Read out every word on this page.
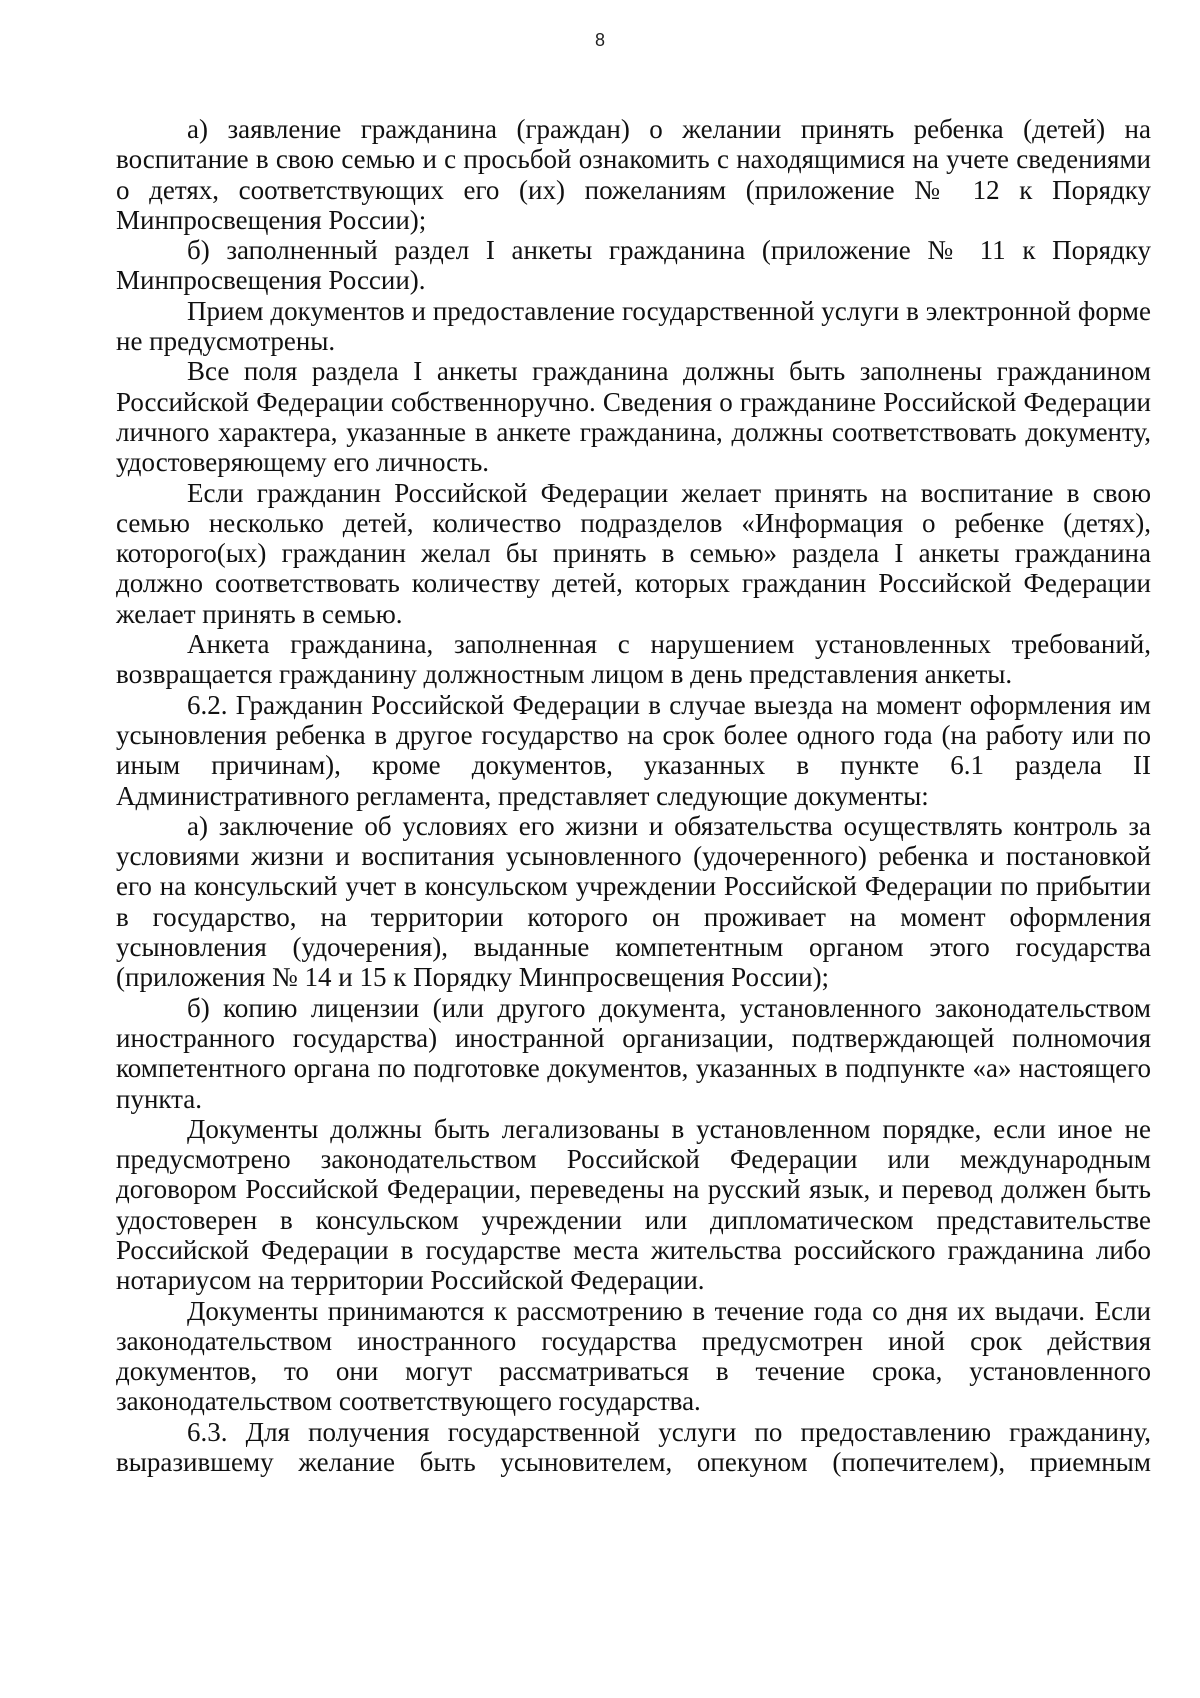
8

а) заявление гражданина (граждан) о желании принять ребенка (детей) на воспитание в свою семью и с просьбой ознакомить с находящимися на учете сведениями о детях, соответствующих его (их) пожеланиям (приложение № 12 к Порядку Минпросвещения России);

б) заполненный раздел I анкеты гражданина (приложение № 11 к Порядку Минпросвещения России).

Прием документов и предоставление государственной услуги в электронной форме не предусмотрены.

Все поля раздела I анкеты гражданина должны быть заполнены гражданином Российской Федерации собственноручно. Сведения о гражданине Российской Федерации личного характера, указанные в анкете гражданина, должны соответствовать документу, удостоверяющему его личность.

Если гражданин Российской Федерации желает принять на воспитание в свою семью несколько детей, количество подразделов «Информация о ребенке (детях), которого(ых) гражданин желал бы принять в семью» раздела I анкеты гражданина должно соответствовать количеству детей, которых гражданин Российской Федерации желает принять в семью.

Анкета гражданина, заполненная с нарушением установленных требований, возвращается гражданину должностным лицом в день представления анкеты.

6.2. Гражданин Российской Федерации в случае выезда на момент оформления им усыновления ребенка в другое государство на срок более одного года (на работу или по иным причинам), кроме документов, указанных в пункте 6.1 раздела II Административного регламента, представляет следующие документы:

а) заключение об условиях его жизни и обязательства осуществлять контроль за условиями жизни и воспитания усыновленного (удочеренного) ребенка и постановкой его на консульский учет в консульском учреждении Российской Федерации по прибытии в государство, на территории которого он проживает на момент оформления усыновления (удочерения), выданные компетентным органом этого государства (приложения № 14 и 15 к Порядку Минпросвещения России);

б) копию лицензии (или другого документа, установленного законодательством иностранного государства) иностранной организации, подтверждающей полномочия компетентного органа по подготовке документов, указанных в подпункте «а» настоящего пункта.

Документы должны быть легализованы в установленном порядке, если иное не предусмотрено законодательством Российской Федерации или международным договором Российской Федерации, переведены на русский язык, и перевод должен быть удостоверен в консульском учреждении или дипломатическом представительстве Российской Федерации в государстве места жительства российского гражданина либо нотариусом на территории Российской Федерации.

Документы принимаются к рассмотрению в течение года со дня их выдачи. Если законодательством иностранного государства предусмотрен иной срок действия документов, то они могут рассматриваться в течение срока, установленного законодательством соответствующего государства.

6.3. Для получения государственной услуги по предоставлению гражданину, выразившему желание быть усыновителем, опекуном (попечителем), приемным
